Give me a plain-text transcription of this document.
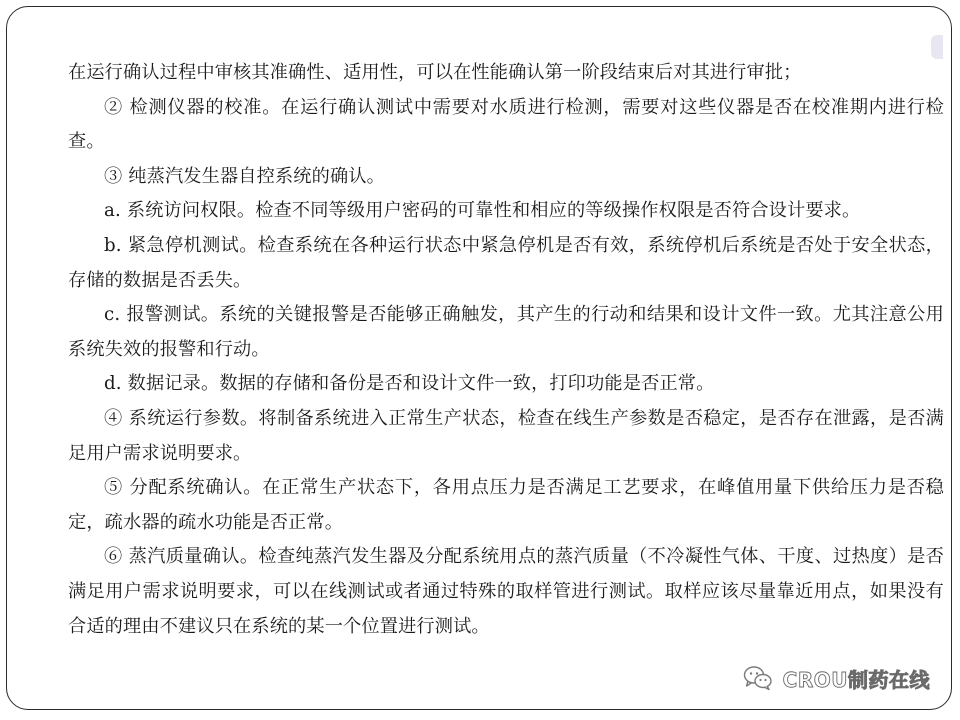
在运行确认过程中审核其准确性、适用性，可以在性能确认第一阶段结束后对其进行审批；

② 检测仪器的校准。在运行确认测试中需要对水质进行检测，需要对这些仪器是否在校准期内进行检查。

③ 纯蒸汽发生器自控系统的确认。

a. 系统访问权限。检查不同等级用户密码的可靠性和相应的等级操作权限是否符合设计要求。

b. 紧急停机测试。检查系统在各种运行状态中紧急停机是否有效，系统停机后系统是否处于安全状态，存储的数据是否丢失。

c. 报警测试。系统的关键报警是否能够正确触发，其产生的行动和结果和设计文件一致。尤其注意公用系统失效的报警和行动。

d. 数据记录。数据的存储和备份是否和设计文件一致，打印功能是否正常。

④ 系统运行参数。将制备系统进入正常生产状态，检查在线生产参数是否稳定，是否存在泄露，是否满足用户需求说明要求。

⑤ 分配系统确认。在正常生产状态下，各用点压力是否满足工艺要求，在峰值用量下供给压力是否稳定，疏水器的疏水功能是否正常。

⑥ 蒸汽质量确认。检查纯蒸汽发生器及分配系统用点的蒸汽质量（不冷凝性气体、干度、过热度）是否满足用户需求说明要求，可以在线测试或者通过特殊的取样管进行测试。取样应该尽量靠近用点，如果没有合适的理由不建议只在系统的某一个位置进行测试。

CROU制药在线
